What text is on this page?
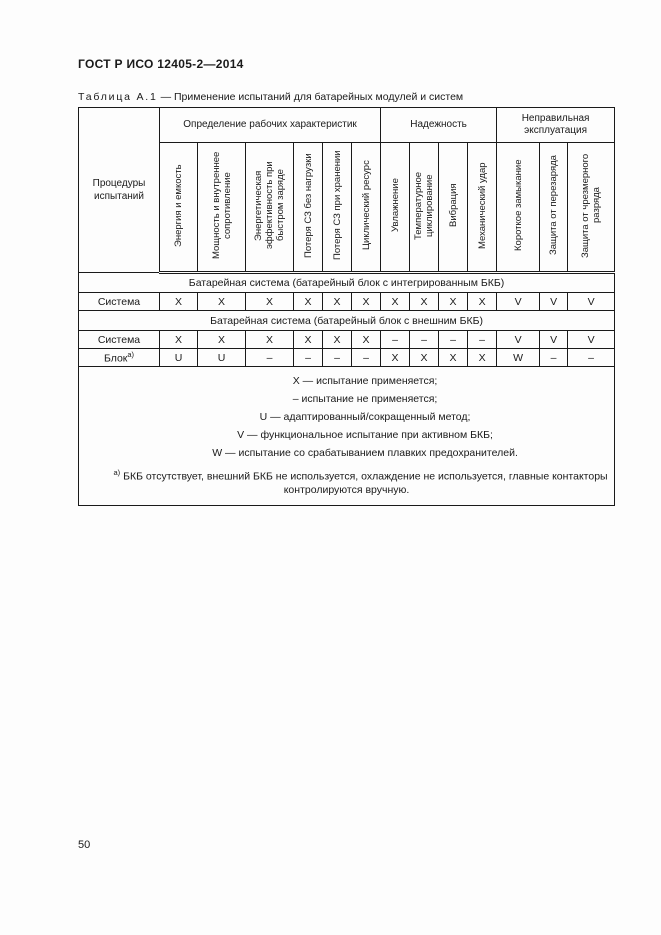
ГОСТ Р ИСО 12405-2—2014
Таблица А.1 — Применение испытаний для батарейных модулей и систем
Процедуры испытаний	Определение рабочих характеристик						Надежность				Неправильная эксплуатация		
	Энергия и емкость	Мощность и внутреннее сопротивление	Энергетическая эффективность при быстром заряде	Потеря СЗ без нагрузки	Потеря СЗ при хранении	Циклический ресурс	Увлажнение	Температурное циклирование	Вибрация	Механический удар	Короткое замыкание	Защита от перезаряда	Защита от чрезмерного разряда
Батарейная система (батарейный блок с интегрированным БКБ)													
Система	X	X	X	X	X	X	X	X	X	X	V	V	V
Батарейная система (батарейный блок с внешним БКБ)													
Система	X	X	X	X	X	X	–	–	–	–	V	V	V
Блок$^{а)}$	U	U	–	–	–	–	X	X	X	X	W	–	–

X — испытание применяется;
– испытание не применяется;
U — адаптированный/сокращенный метод;
V — функциональное испытание при активном БКБ;
W — испытание со срабатыванием плавких предохранителей.

$^{а)}$ БКБ отсутствует, внешний БКБ не используется, охлаждение не используется, главные контакторы контролируются вручную.

50
